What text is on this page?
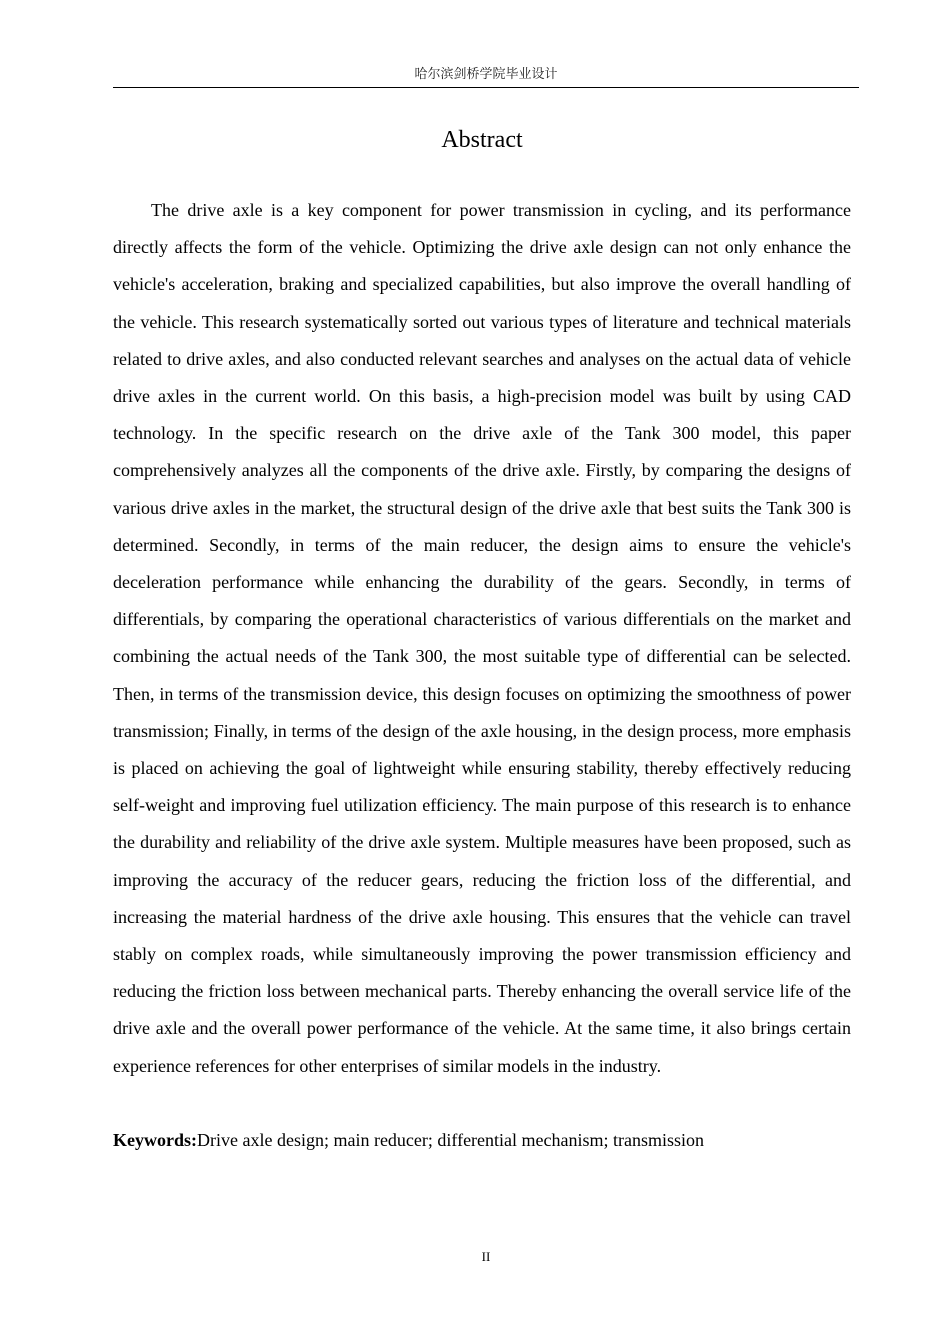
哈尔滨剑桥学院毕业设计
Abstract

The drive axle is a key component for power transmission in cycling, and its performance directly affects the form of the vehicle. Optimizing the drive axle design can not only enhance the vehicle's acceleration, braking and specialized capabilities, but also improve the overall handling of the vehicle. This research systematically sorted out various types of literature and technical materials related to drive axles, and also conducted relevant searches and analyses on the actual data of vehicle drive axles in the current world. On this basis, a high-precision model was built by using CAD technology. In the specific research on the drive axle of the Tank 300 model, this paper comprehensively analyzes all the components of the drive axle. Firstly, by comparing the designs of various drive axles in the market, the structural design of the drive axle that best suits the Tank 300 is determined. Secondly, in terms of the main reducer, the design aims to ensure the vehicle's deceleration performance while enhancing the durability of the gears. Secondly, in terms of differentials, by comparing the operational characteristics of various differentials on the market and combining the actual needs of the Tank 300, the most suitable type of differential can be selected. Then, in terms of the transmission device, this design focuses on optimizing the smoothness of power transmission; Finally, in terms of the design of the axle housing, in the design process, more emphasis is placed on achieving the goal of lightweight while ensuring stability, thereby effectively reducing self-weight and improving fuel utilization efficiency. The main purpose of this research is to enhance the durability and reliability of the drive axle system. Multiple measures have been proposed, such as improving the accuracy of the reducer gears, reducing the friction loss of the differential, and increasing the material hardness of the drive axle housing. This ensures that the vehicle can travel stably on complex roads, while simultaneously improving the power transmission efficiency and reducing the friction loss between mechanical parts. Thereby enhancing the overall service life of the drive axle and the overall power performance of the vehicle. At the same time, it also brings certain experience references for other enterprises of similar models in the industry.

Keywords:Drive axle design; main reducer; differential mechanism; transmission

II
